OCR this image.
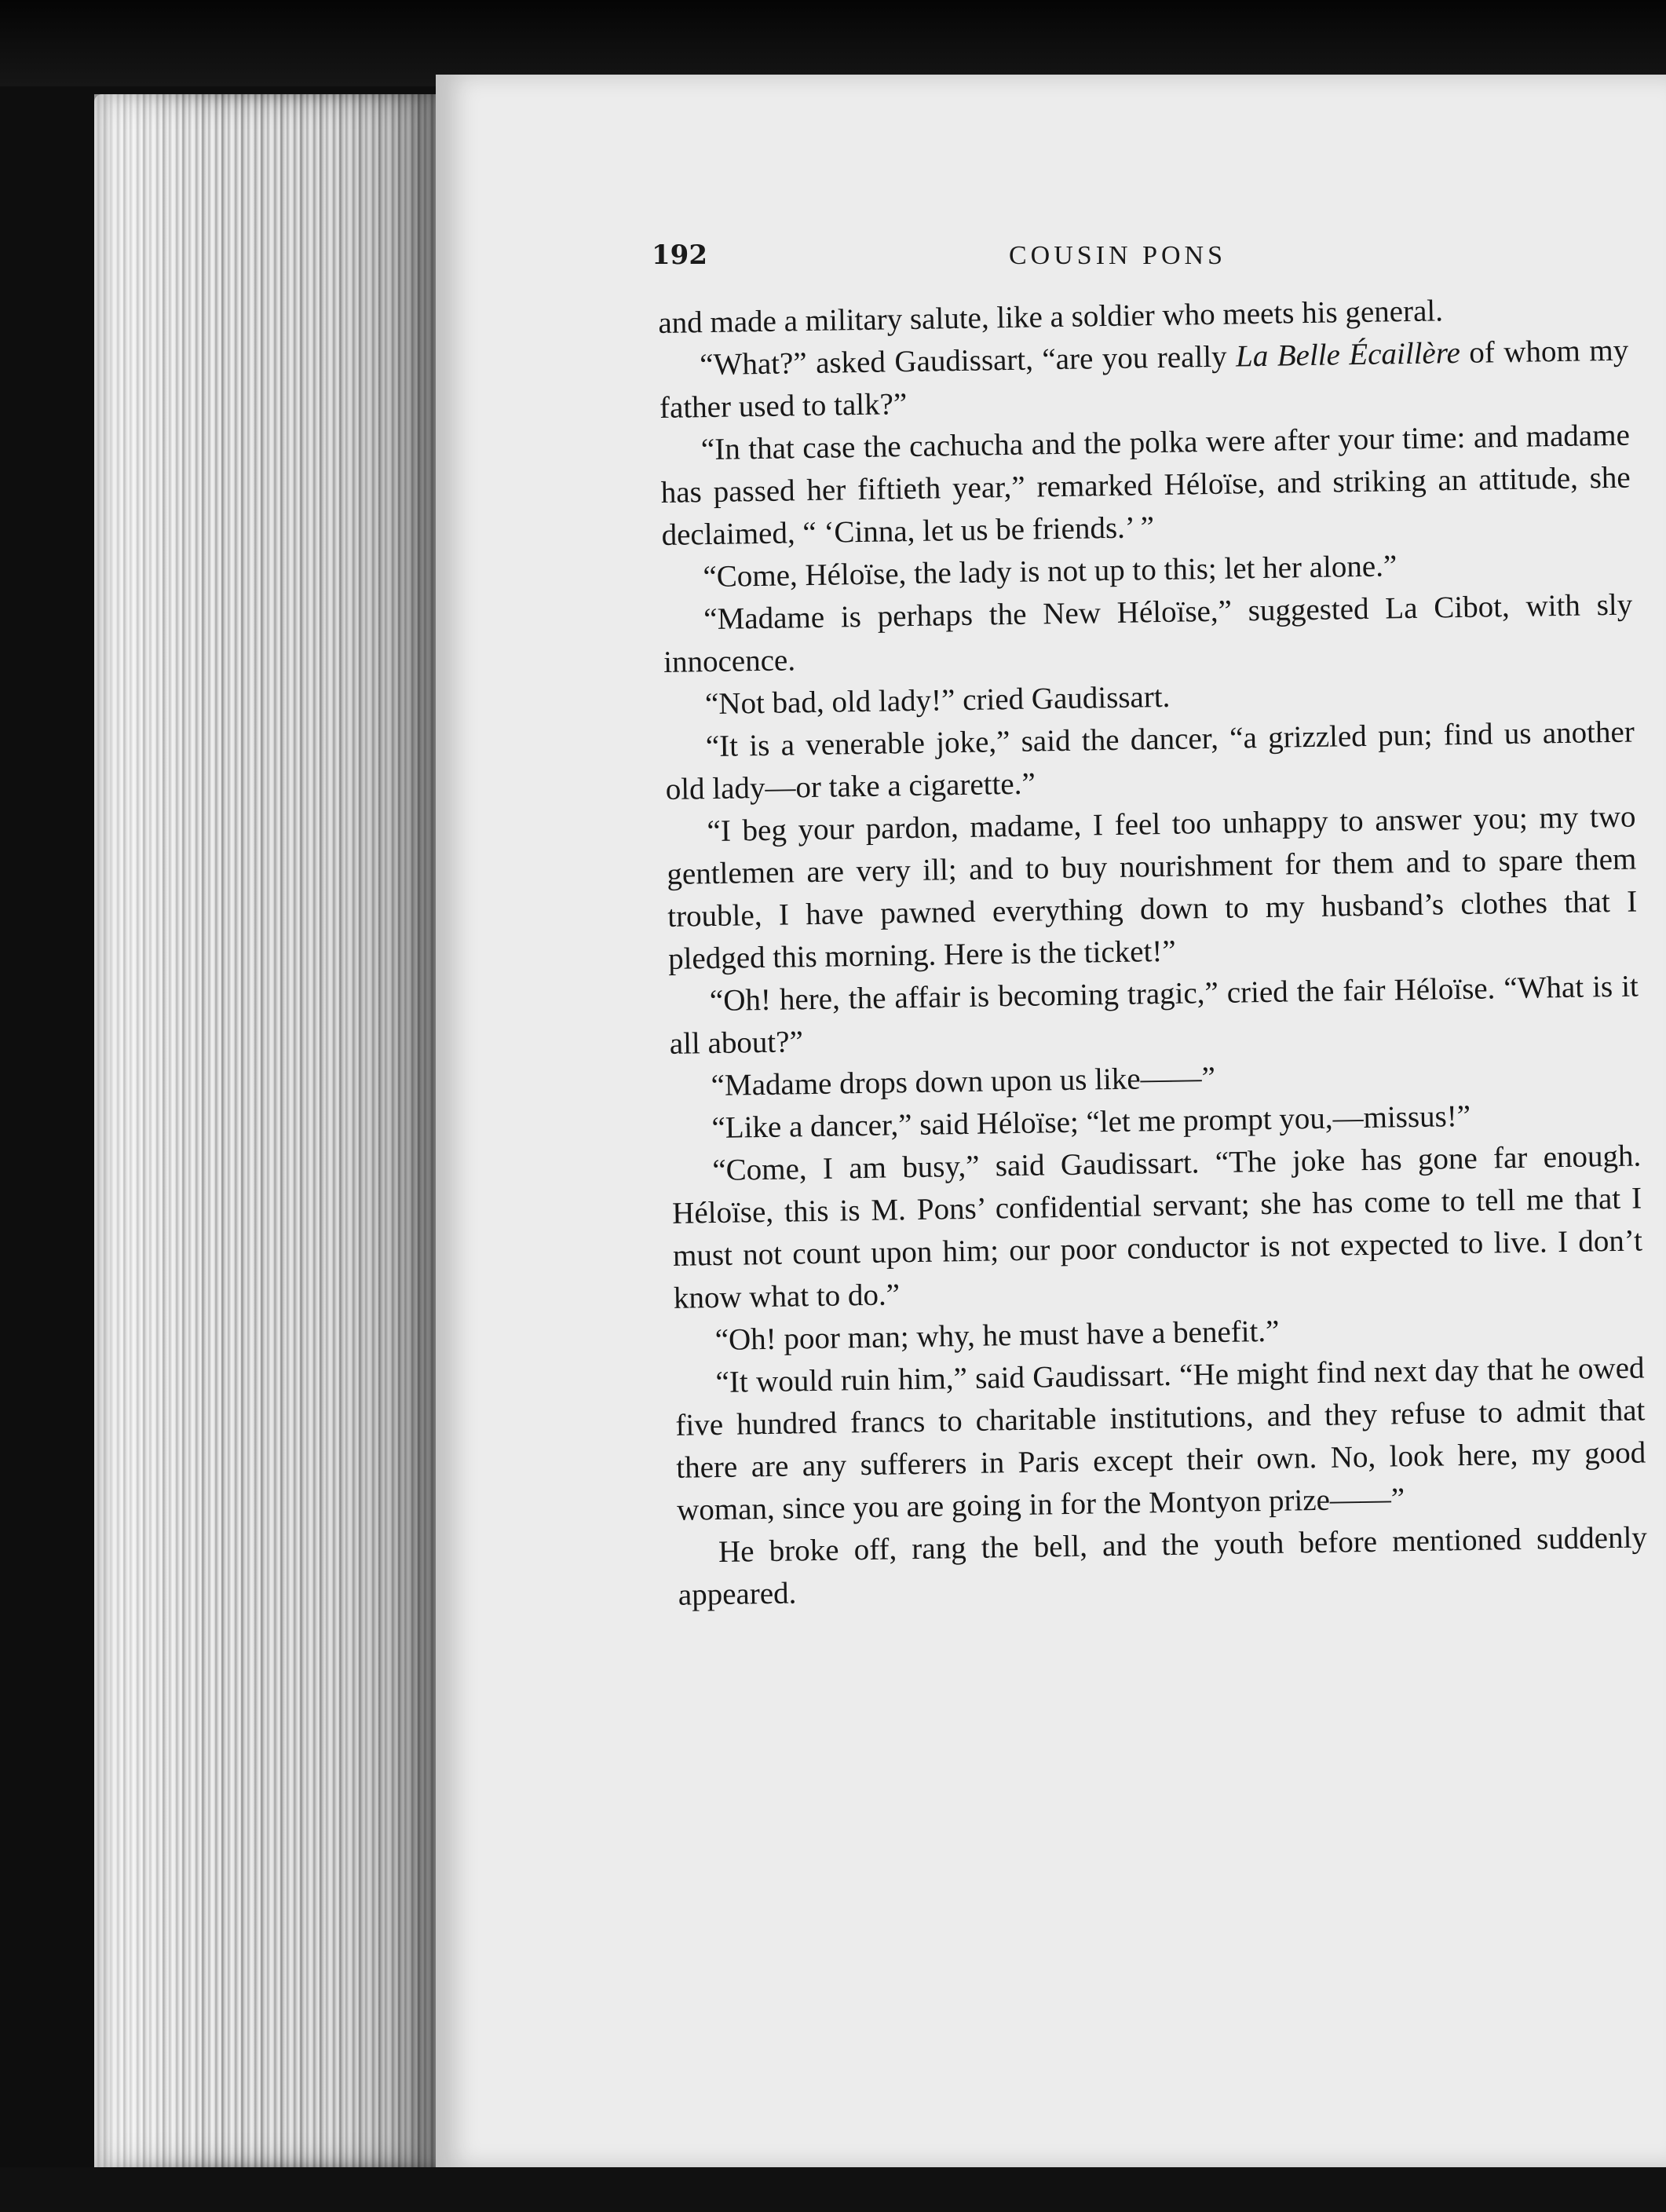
192	COUSIN PONS

and made a military salute, like a soldier who meets his general.

“What?” asked Gaudissart, “are you really La Belle Écaillère of whom my father used to talk?”

“In that case the cachucha and the polka were after your time: and madame has passed her fiftieth year,” remarked Héloïse, and striking an attitude, she declaimed, “ ‘Cinna, let us be friends.’ ”

“Come, Héloïse, the lady is not up to this; let her alone.”

“Madame is perhaps the New Héloïse,” suggested La Cibot, with sly innocence.

“Not bad, old lady!” cried Gaudissart.

“It is a venerable joke,” said the dancer, “a grizzled pun; find us another old lady—or take a cigarette.”

“I beg your pardon, madame, I feel too unhappy to answer you; my two gentlemen are very ill; and to buy nourishment for them and to spare them trouble, I have pawned everything down to my husband’s clothes that I pledged this morning. Here is the ticket!”

“Oh! here, the affair is becoming tragic,” cried the fair Héloïse. “What is it all about?”

“Madame drops down upon us like——”

“Like a dancer,” said Héloïse; “let me prompt you,—missus!”

“Come, I am busy,” said Gaudissart. “The joke has gone far enough. Héloïse, this is M. Pons’ confidential servant; she has come to tell me that I must not count upon him; our poor conductor is not expected to live. I don’t know what to do.”

“Oh! poor man; why, he must have a benefit.”

“It would ruin him,” said Gaudissart. “He might find next day that he owed five hundred francs to charitable institutions, and they refuse to admit that there are any sufferers in Paris except their own. No, look here, my good woman, since you are going in for the Montyon prize——”

He broke off, rang the bell, and the youth before mentioned suddenly appeared.
